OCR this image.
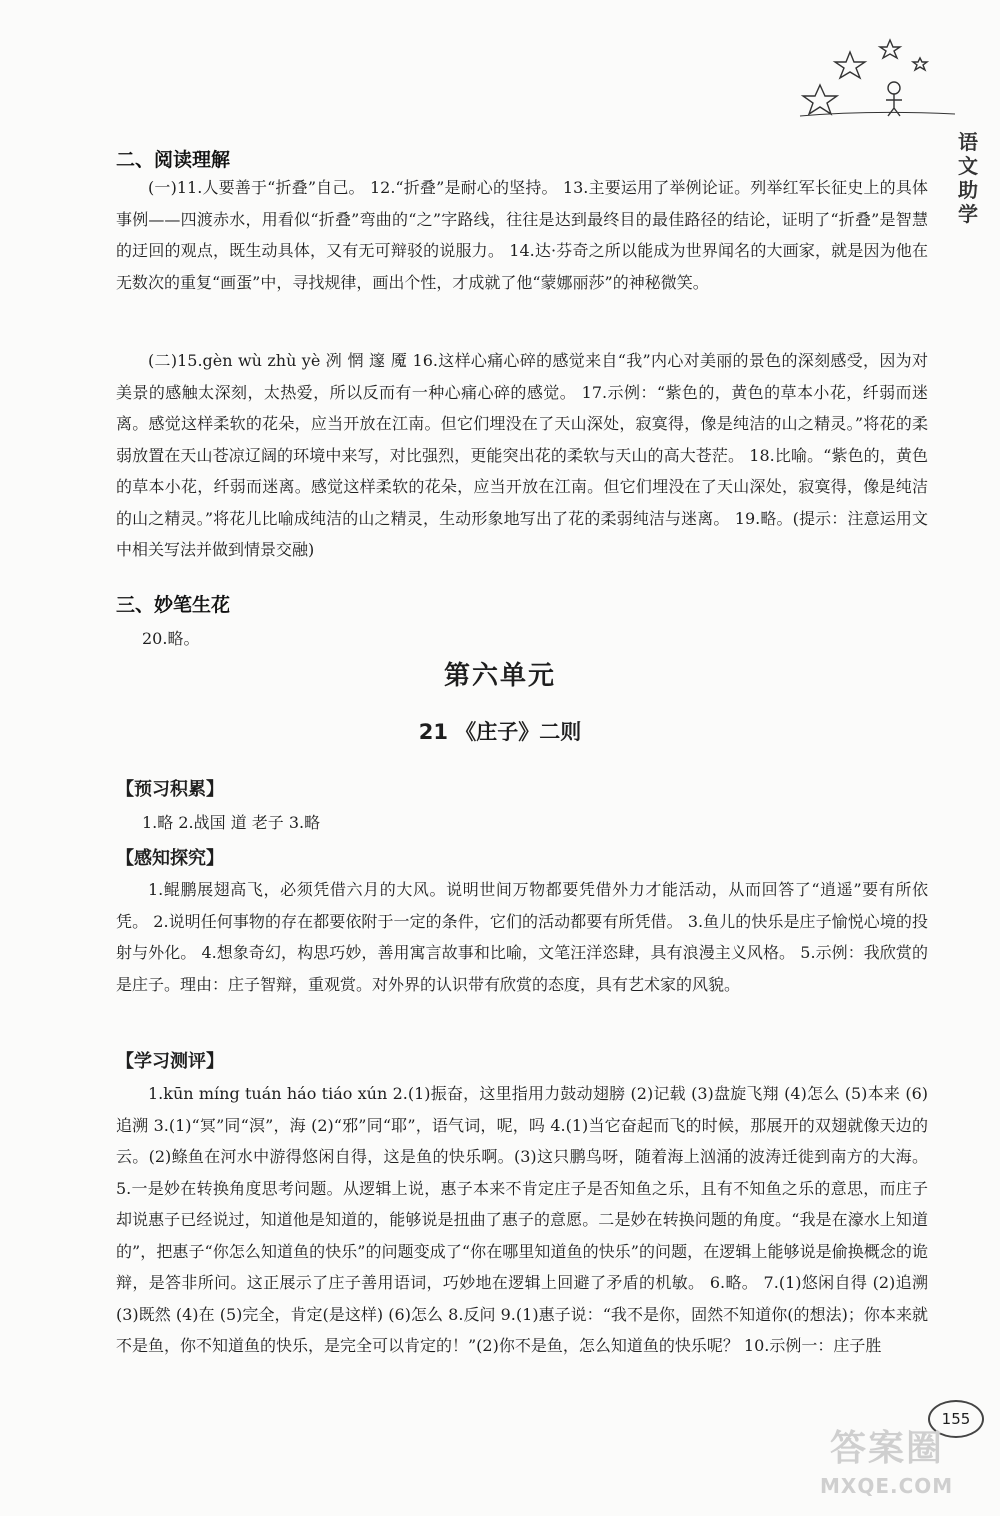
语文助学
二、阅读理解

(一)11.人要善于“折叠”自己。 12.“折叠”是耐心的坚持。 13.主要运用了举例论证。列举红军长征史上的具体事例——四渡赤水，用看似“折叠”弯曲的“之”字路线，往往是达到最终目的最佳路径的结论，证明了“折叠”是智慧的迂回的观点，既生动具体，又有无可辩驳的说服力。 14.达·芬奇之所以能成为世界闻名的大画家，就是因为他在无数次的重复“画蛋”中，寻找规律，画出个性，才成就了他“蒙娜丽莎”的神秘微笑。

(二)15.gèn wù zhù yè 冽 惘 邃 魇 16.这样心痛心碎的感觉来自“我”内心对美丽的景色的深刻感受，因为对美景的感触太深刻，太热爱，所以反而有一种心痛心碎的感觉。 17.示例：“紫色的，黄色的草本小花，纤弱而迷离。感觉这样柔软的花朵，应当开放在江南。但它们埋没在了天山深处，寂寞得，像是纯洁的山之精灵。”将花的柔弱放置在天山苍凉辽阔的环境中来写，对比强烈，更能突出花的柔软与天山的高大苍茫。 18.比喻。“紫色的，黄色的草本小花，纤弱而迷离。感觉这样柔软的花朵，应当开放在江南。但它们埋没在了天山深处，寂寞得，像是纯洁的山之精灵。”将花儿比喻成纯洁的山之精灵，生动形象地写出了花的柔弱纯洁与迷离。 19.略。(提示：注意运用文中相关写法并做到情景交融)

三、妙笔生花

20.略。

第六单元
21 《庄子》二则

【预习积累】

1.略 2.战国 道 老子 3.略

【感知探究】

1.鲲鹏展翅高飞，必须凭借六月的大风。说明世间万物都要凭借外力才能活动，从而回答了“逍遥”要有所依凭。 2.说明任何事物的存在都要依附于一定的条件，它们的活动都要有所凭借。 3.鱼儿的快乐是庄子愉悦心境的投射与外化。 4.想象奇幻，构思巧妙，善用寓言故事和比喻，文笔汪洋恣肆，具有浪漫主义风格。 5.示例：我欣赏的是庄子。理由：庄子智辩，重观赏。对外界的认识带有欣赏的态度，具有艺术家的风貌。

【学习测评】

1.kūn míng tuán háo tiáo xún 2.(1)振奋，这里指用力鼓动翅膀 (2)记载 (3)盘旋飞翔 (4)怎么 (5)本来 (6)追溯 3.(1)“冥”同“溟”，海 (2)“邪”同“耶”，语气词，呢，吗 4.(1)当它奋起而飞的时候，那展开的双翅就像天边的云。(2)鲦鱼在河水中游得悠闲自得，这是鱼的快乐啊。(3)这只鹏鸟呀，随着海上汹涌的波涛迁徙到南方的大海。 5.一是妙在转换角度思考问题。从逻辑上说，惠子本来不肯定庄子是否知鱼之乐，且有不知鱼之乐的意思，而庄子却说惠子已经说过，知道他是知道的，能够说是扭曲了惠子的意愿。二是妙在转换问题的角度。“我是在濠水上知道的”，把惠子“你怎么知道鱼的快乐”的问题变成了“你在哪里知道鱼的快乐”的问题，在逻辑上能够说是偷换概念的诡辩，是答非所问。这正展示了庄子善用语词，巧妙地在逻辑上回避了矛盾的机敏。 6.略。 7.(1)悠闲自得 (2)追溯 (3)既然 (4)在 (5)完全，肯定(是这样) (6)怎么 8.反问 9.(1)惠子说：“我不是你，固然不知道你(的想法)；你本来就不是鱼，你不知道鱼的快乐，是完全可以肯定的！”(2)你不是鱼，怎么知道鱼的快乐呢？ 10.示例一：庄子胜

155
答案圈
MXQE.COM
